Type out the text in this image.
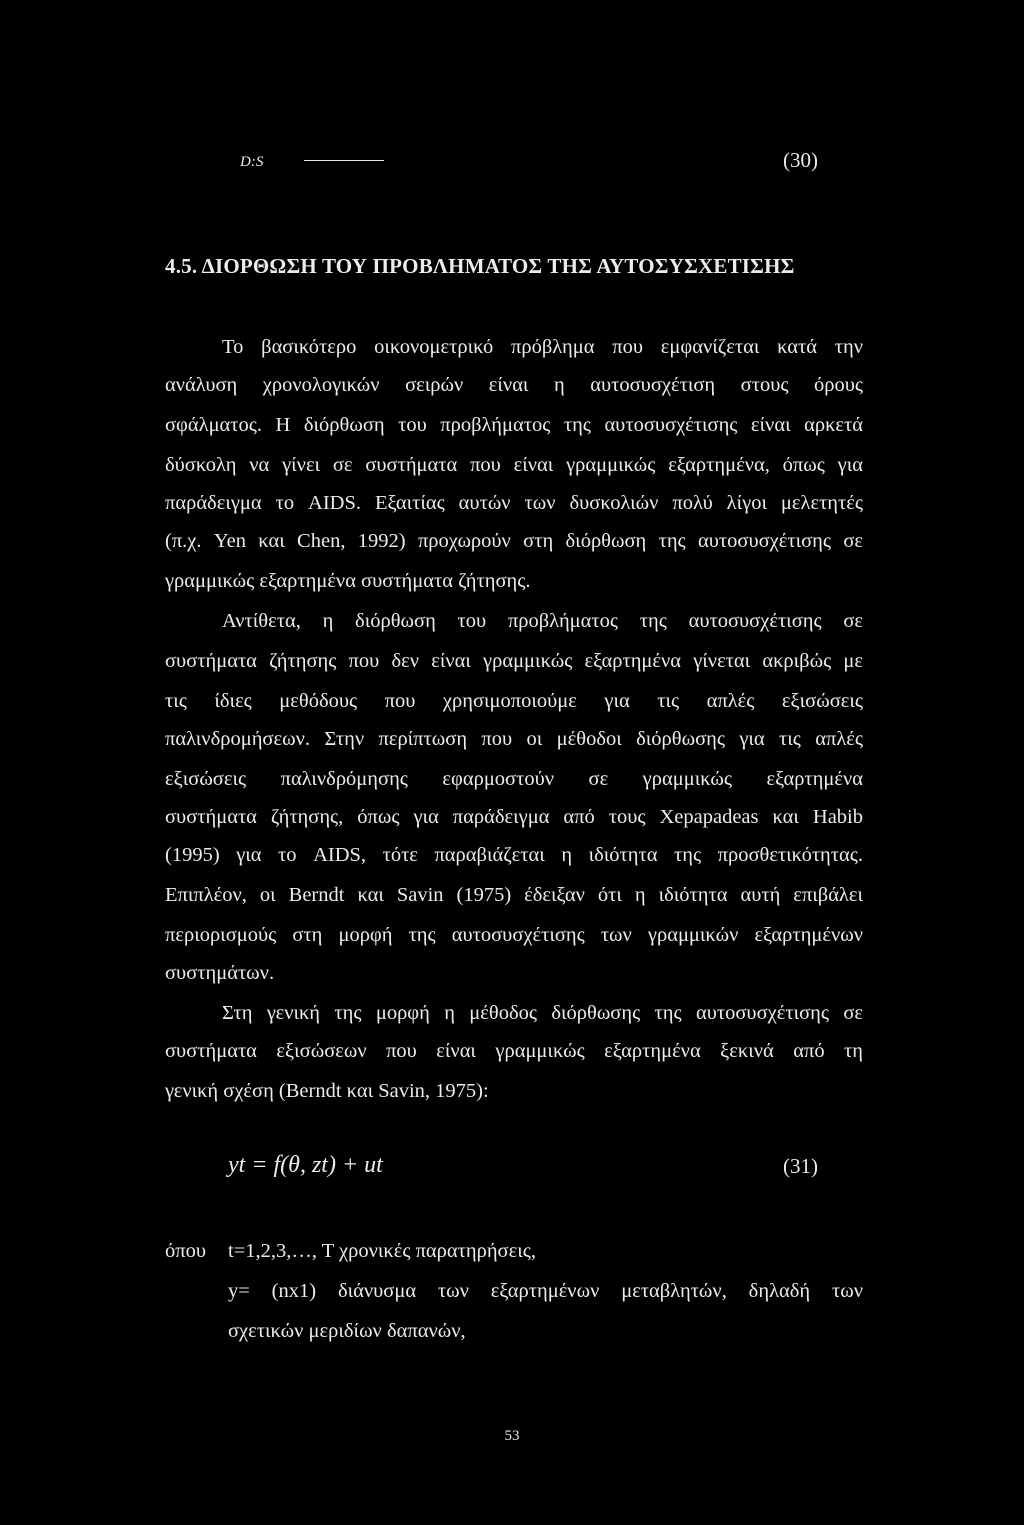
D:S	(30)
4.5. ΔΙΟΡΘΩΣΗ ΤΟΥ ΠΡΟΒΛΗΜΑΤΟΣ ΤΗΣ ΑΥΤΟΣΥΣΧΕΤΙΣΗΣ
Το βασικότερο οικονομετρικό πρόβλημα που εμφανίζεται κατά την
ανάλυση χρονολογικών σειρών είναι η αυτοσυσχέτιση στους όρους
σφάλματος. Η διόρθωση του προβλήματος της αυτοσυσχέτισης είναι αρκετά
δύσκολη να γίνει σε συστήματα που είναι γραμμικώς εξαρτημένα, όπως για
παράδειγμα το AIDS. Εξαιτίας αυτών των δυσκολιών πολύ λίγοι μελετητές
(π.χ. Yen και Chen, 1992) προχωρούν στη διόρθωση της αυτοσυσχέτισης σε
γραμμικώς εξαρτημένα συστήματα ζήτησης.
Αντίθετα, η διόρθωση του προβλήματος της αυτοσυσχέτισης σε
συστήματα ζήτησης που δεν είναι γραμμικώς εξαρτημένα γίνεται ακριβώς με
τις ίδιες μεθόδους που χρησιμοποιούμε για τις απλές εξισώσεις
παλινδρομήσεων. Στην περίπτωση που οι μέθοδοι διόρθωσης για τις απλές
εξισώσεις παλινδρόμησης εφαρμοστούν σε γραμμικώς εξαρτημένα
συστήματα ζήτησης, όπως για παράδειγμα από τους Xepapadeas και Habib
(1995) για το AIDS, τότε παραβιάζεται η ιδιότητα της προσθετικότητας.
Επιπλέον, οι Berndt και Savin (1975) έδειξαν ότι η ιδιότητα αυτή επιβάλει
περιορισμούς στη μορφή της αυτοσυσχέτισης των γραμμικών εξαρτημένων
συστημάτων.
Στη γενική της μορφή η μέθοδος διόρθωσης της αυτοσυσχέτισης σε
συστήματα εξισώσεων που είναι γραμμικώς εξαρτημένα ξεκινά από τη
γενική σχέση (Berndt και Savin, 1975):
yt = f(θ, zt) + ut	(31)
όπου t=1,2,3,…, T χρονικές παρατηρήσεις,
y= (nx1) διάνυσμα των εξαρτημένων μεταβλητών, δηλαδή των
σχετικών μεριδίων δαπανών,
53
